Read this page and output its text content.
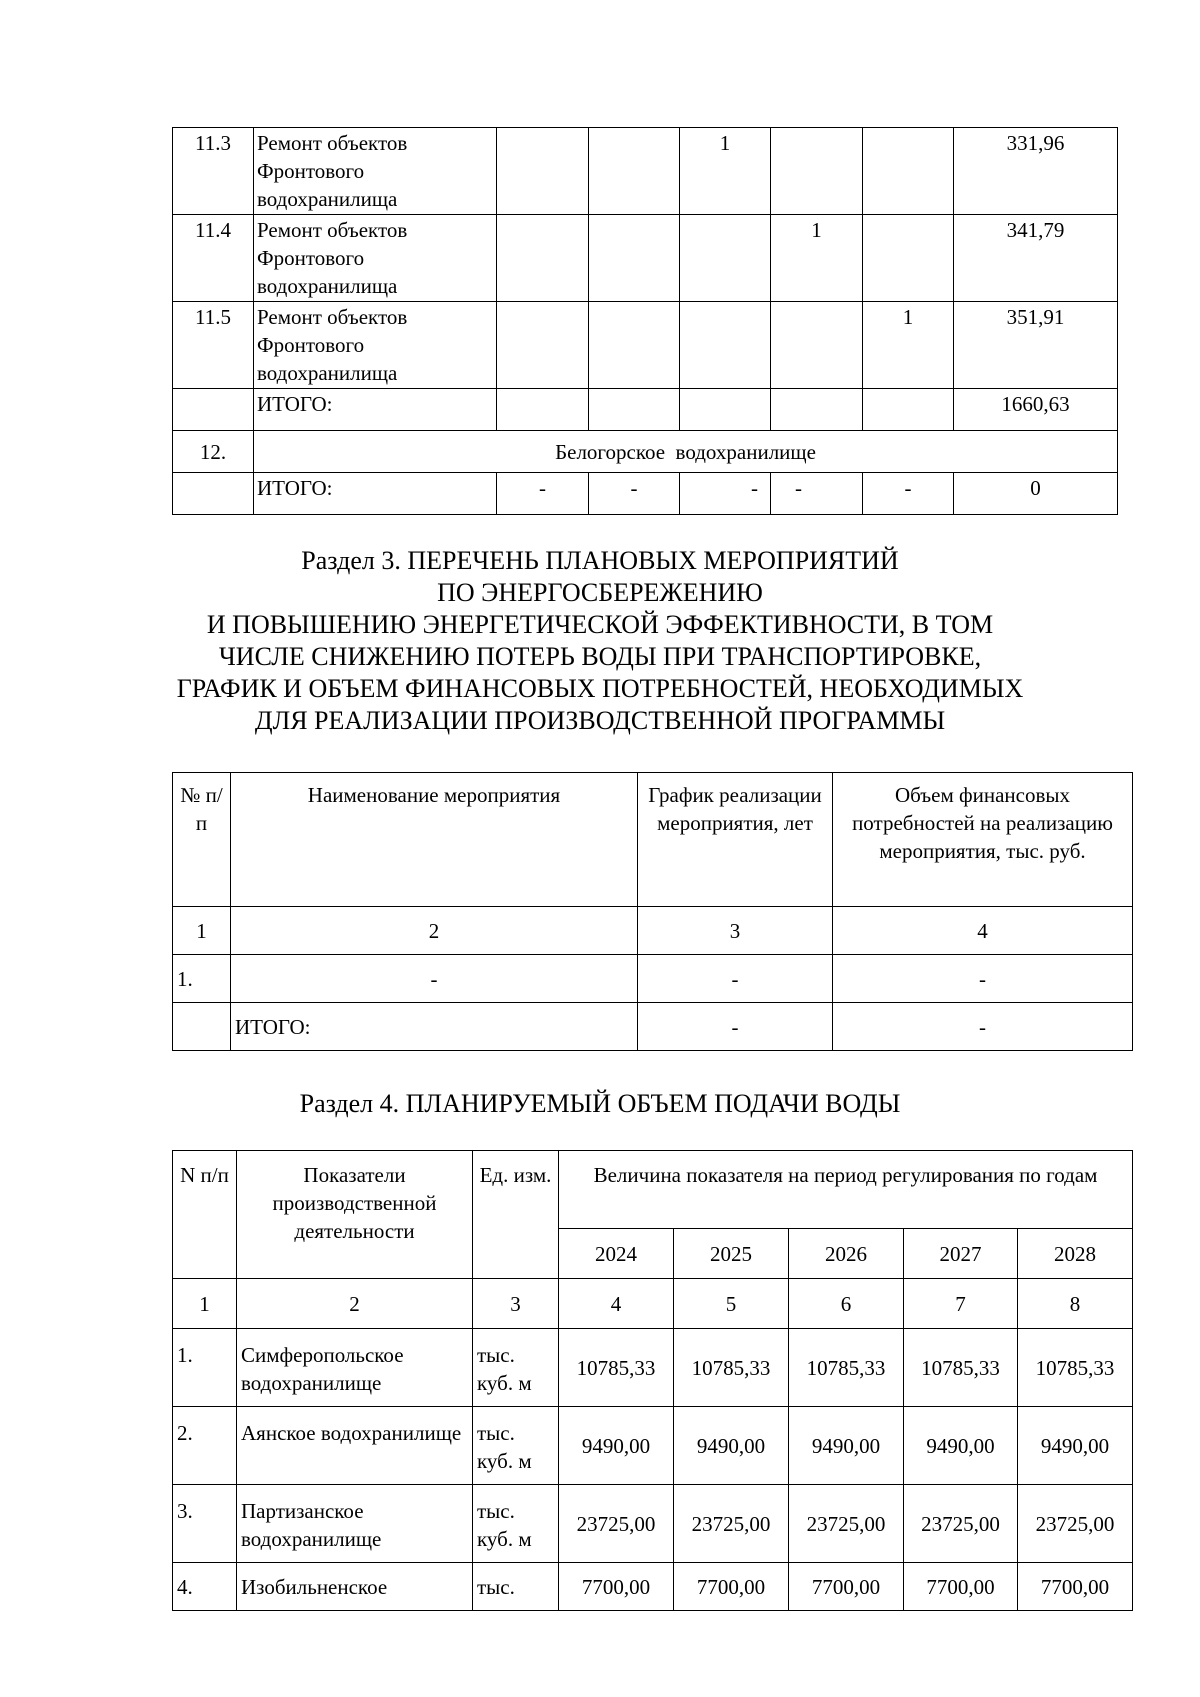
11.3	Ремонт объектов Фронтового водохранилища			1			331,96
11.4	Ремонт объектов Фронтового водохранилища				1		341,79
11.5	Ремонт объектов Фронтового водохранилища					1	351,91
	ИТОГО:						1660,63
12.	Белогорское  водохранилище						
	ИТОГО:	-	-	-	-	-	0
Раздел 3. ПЕРЕЧЕНЬ ПЛАНОВЫХ МЕРОПРИЯТИЙ
ПО ЭНЕРГОСБЕРЕЖЕНИЮ
И ПОВЫШЕНИЮ ЭНЕРГЕТИЧЕСКОЙ ЭФФЕКТИВНОСТИ, В ТОМ
ЧИСЛЕ СНИЖЕНИЮ ПОТЕРЬ ВОДЫ ПРИ ТРАНСПОРТИРОВКЕ,
ГРАФИК И ОБЪЕМ ФИНАНСОВЫХ ПОТРЕБНОСТЕЙ, НЕОБХОДИМЫХ
ДЛЯ РЕАЛИЗАЦИИ ПРОИЗВОДСТВЕННОЙ ПРОГРАММЫ
№ п/п	Наименование мероприятия	График реализации мероприятия, лет	Объем финансовых потребностей на реализацию мероприятия, тыс. руб.
1	2	3	4
1.	-	-	-
	ИТОГО:	-	-
Раздел 4. ПЛАНИРУЕМЫЙ ОБЪЕМ ПОДАЧИ ВОДЫ
N п/п	Показатели производственной деятельности	Ед. изм.	Величина показателя на период регулирования по годам				
			2024	2025	2026	2027	2028
1	2	3	4	5	6	7	8
1.	Симферопольское водохранилище	тыс. куб. м	10785,33	10785,33	10785,33	10785,33	10785,33
2.	Аянское водохранилище	тыс. куб. м	9490,00	9490,00	9490,00	9490,00	9490,00
3.	Партизанское водохранилище	тыс. куб. м	23725,00	23725,00	23725,00	23725,00	23725,00
4.	Изобильненское	тыс.	7700,00	7700,00	7700,00	7700,00	7700,00
